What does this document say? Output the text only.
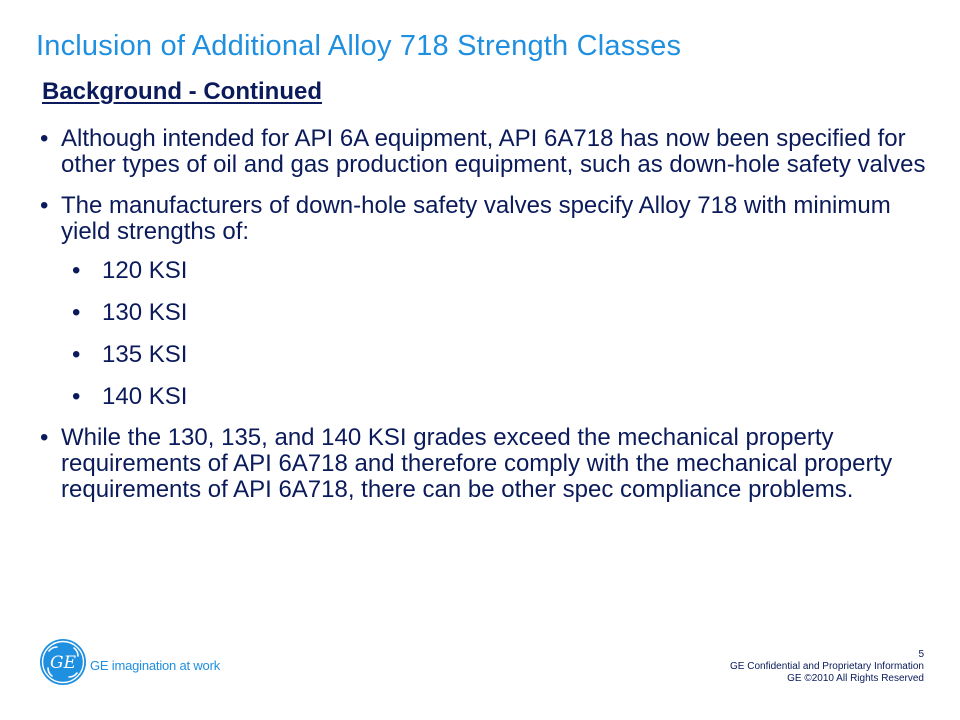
Inclusion of Additional Alloy 718 Strength Classes
Background - Continued
• Although intended for API 6A equipment, API 6A718 has now been specified for other types of oil and gas production equipment, such as down-hole safety valves
• The manufacturers of down-hole safety valves specify Alloy 718 with minimum yield strengths of:
• 120 KSI
• 130 KSI
• 135 KSI
• 140 KSI
• While the 130, 135, and 140 KSI grades exceed the mechanical property requirements of API 6A718 and therefore comply with the mechanical property requirements of API 6A718, there can be other spec compliance problems.
GE GE imagination at work
5
GE Confidential and Proprietary Information
GE ©2010 All Rights Reserved
